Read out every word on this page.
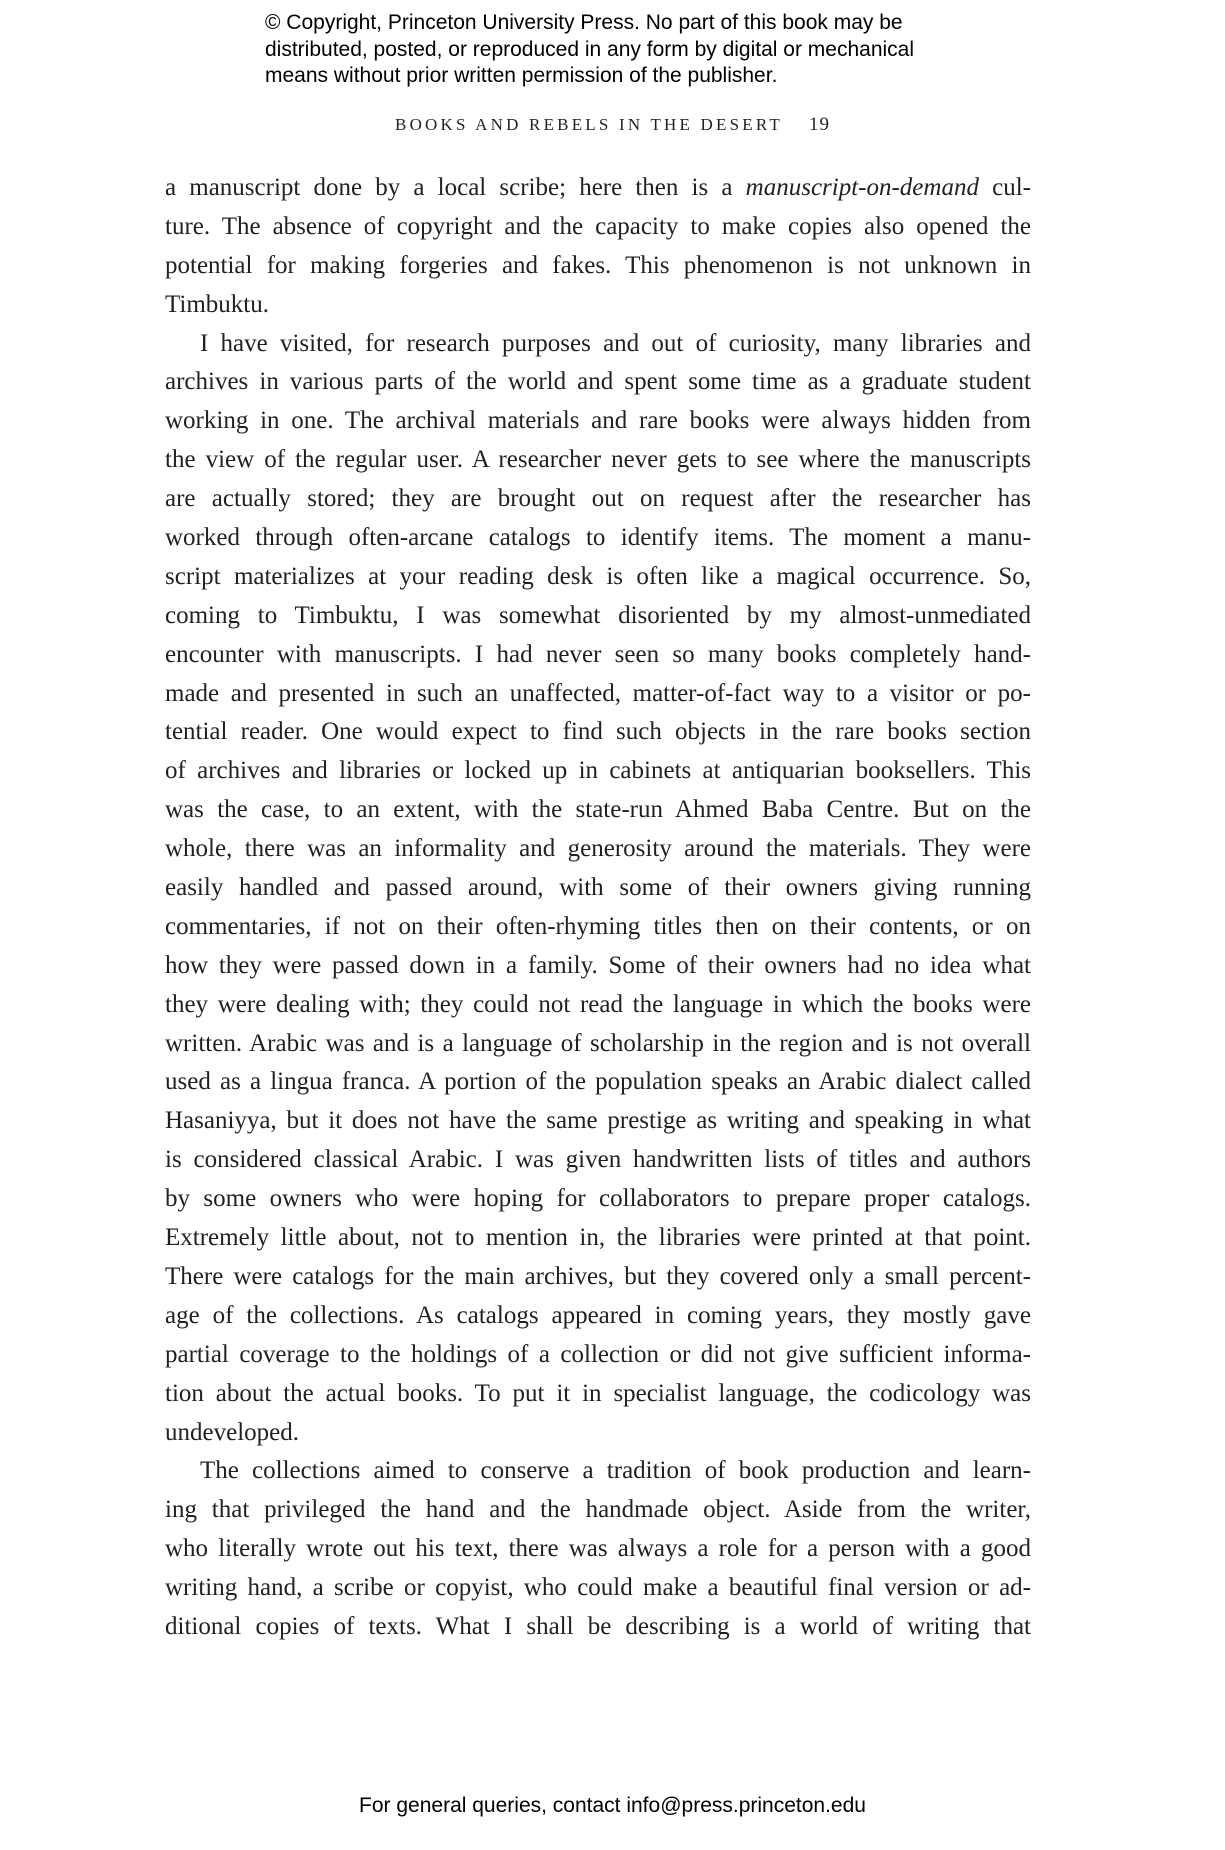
© Copyright, Princeton University Press. No part of this book may be
distributed, posted, or reproduced in any form by digital or mechanical
means without prior written permission of the publisher.
BOOKS AND REBELS IN THE DESERT 19
a manuscript done by a local scribe; here then is a manuscript-on-demand cul-
ture. The absence of copyright and the capacity to make copies also opened the
potential for making forgeries and fakes. This phenomenon is not unknown in
Timbuktu.
I have visited, for research purposes and out of curiosity, many libraries and
archives in various parts of the world and spent some time as a graduate student
working in one. The archival materials and rare books were always hidden from
the view of the regular user. A researcher never gets to see where the manuscripts
are actually stored; they are brought out on request after the researcher has
worked through often-arcane catalogs to identify items. The moment a manu-
script materializes at your reading desk is often like a magical occurrence. So,
coming to Timbuktu, I was somewhat disoriented by my almost-unmediated
encounter with manuscripts. I had never seen so many books completely hand-
made and presented in such an unaffected, matter-of-fact way to a visitor or po-
tential reader. One would expect to find such objects in the rare books section
of archives and libraries or locked up in cabinets at antiquarian booksellers. This
was the case, to an extent, with the state-run Ahmed Baba Centre. But on the
whole, there was an informality and generosity around the materials. They were
easily handled and passed around, with some of their owners giving running
commentaries, if not on their often-rhyming titles then on their contents, or on
how they were passed down in a family. Some of their owners had no idea what
they were dealing with; they could not read the language in which the books were
written. Arabic was and is a language of scholarship in the region and is not overall
used as a lingua franca. A portion of the population speaks an Arabic dialect called
Hasaniyya, but it does not have the same prestige as writing and speaking in what
is considered classical Arabic. I was given handwritten lists of titles and authors
by some owners who were hoping for collaborators to prepare proper catalogs.
Extremely little about, not to mention in, the libraries were printed at that point.
There were catalogs for the main archives, but they covered only a small percent-
age of the collections. As catalogs appeared in coming years, they mostly gave
partial coverage to the holdings of a collection or did not give sufficient informa-
tion about the actual books. To put it in specialist language, the codicology was
undeveloped.
The collections aimed to conserve a tradition of book production and learn-
ing that privileged the hand and the handmade object. Aside from the writer,
who literally wrote out his text, there was always a role for a person with a good
writing hand, a scribe or copyist, who could make a beautiful final version or ad-
ditional copies of texts. What I shall be describing is a world of writing that
For general queries, contact info@press.princeton.edu
